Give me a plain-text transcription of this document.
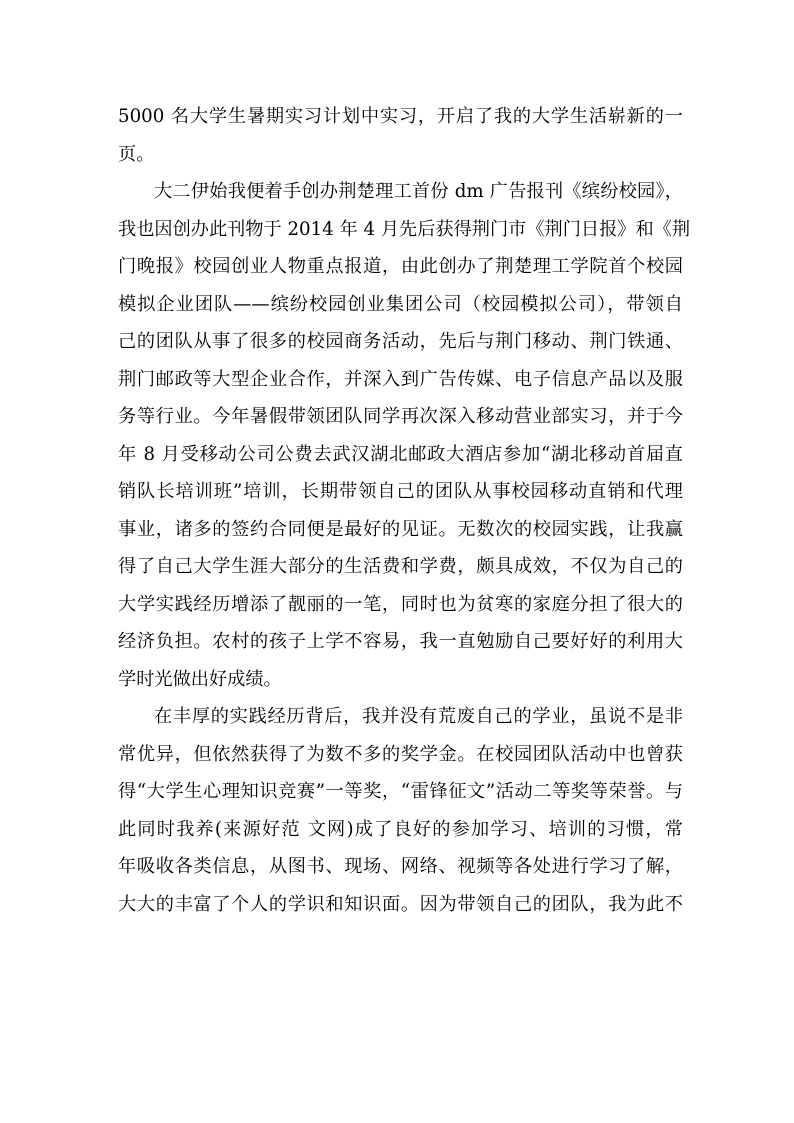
5000 名大学生暑期实习计划中实习，开启了我的大学生活崭新的一
页。
大二伊始我便着手创办荆楚理工首份 dm 广告报刊《缤纷校园》，
我也因创办此刊物于 2014 年 4 月先后获得荆门市《荆门日报》和《荆
门晚报》校园创业人物重点报道，由此创办了荆楚理工学院首个校园
模拟企业团队——缤纷校园创业集团公司（校园模拟公司），带领自
己的团队从事了很多的校园商务活动，先后与荆门移动、荆门铁通、
荆门邮政等大型企业合作，并深入到广告传媒、电子信息产品以及服
务等行业。今年暑假带领团队同学再次深入移动营业部实习，并于今
年 8 月受移动公司公费去武汉湖北邮政大酒店参加“湖北移动首届直
销队长培训班”培训，长期带领自己的团队从事校园移动直销和代理
事业，诸多的签约合同便是最好的见证。无数次的校园实践，让我赢
得了自己大学生涯大部分的生活费和学费，颇具成效，不仅为自己的
大学实践经历增添了靓丽的一笔，同时也为贫寒的家庭分担了很大的
经济负担。农村的孩子上学不容易，我一直勉励自己要好好的利用大
学时光做出好成绩。
在丰厚的实践经历背后，我并没有荒废自己的学业，虽说不是非
常优异，但依然获得了为数不多的奖学金。在校园团队活动中也曾获
得“大学生心理知识竞赛”一等奖，“雷锋征文”活动二等奖等荣誉。与
此同时我养(来源好范 文网)成了良好的参加学习、培训的习惯，常
年吸收各类信息，从图书、现场、网络、视频等各处进行学习了解，
大大的丰富了个人的学识和知识面。因为带领自己的团队，我为此不
